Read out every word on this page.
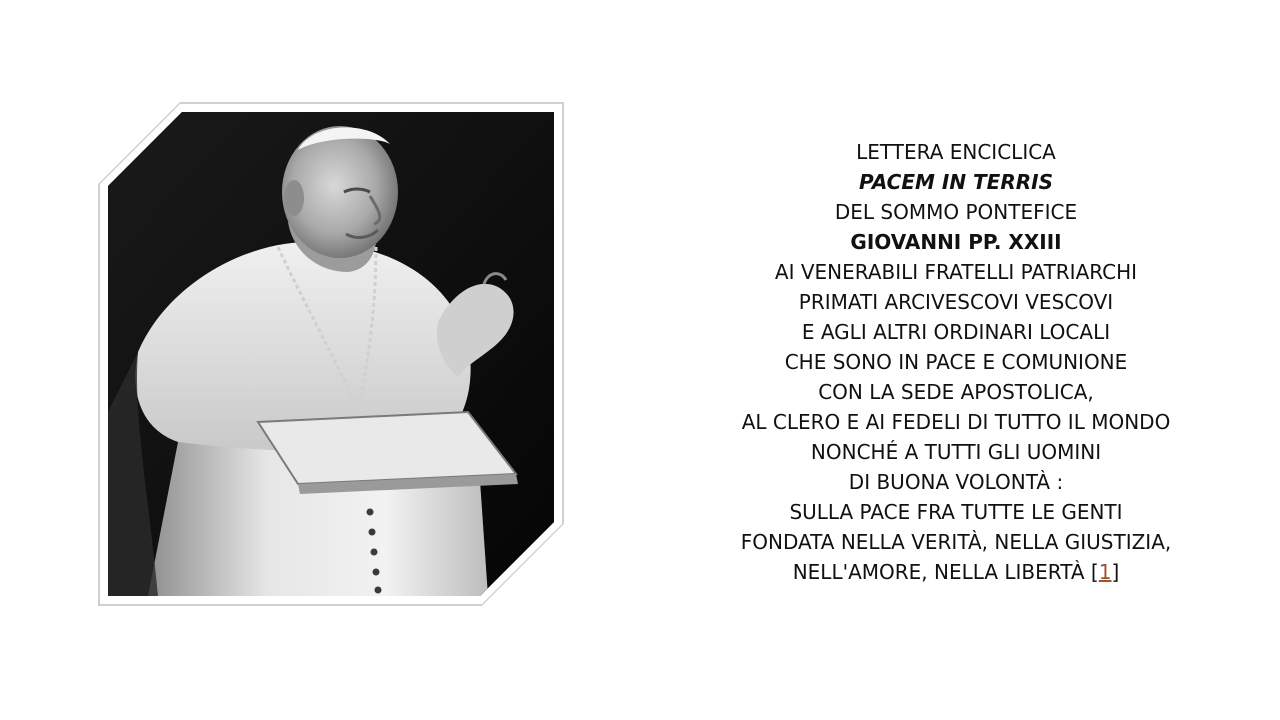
LETTERA ENCICLICA
PACEM IN TERRIS
DEL SOMMO PONTEFICE
GIOVANNI PP. XXIII
AI VENERABILI FRATELLI PATRIARCHI
PRIMATI ARCIVESCOVI VESCOVI
E AGLI ALTRI ORDINARI LOCALI
CHE SONO IN PACE E COMUNIONE
CON LA SEDE APOSTOLICA,
AL CLERO E AI FEDELI DI TUTTO IL MONDO
NONCHÉ A TUTTI GLI UOMINI
DI BUONA VOLONTÀ :
SULLA PACE FRA TUTTE LE GENTI
FONDATA NELLA VERITÀ, NELLA GIUSTIZIA,
NELL'AMORE, NELLA LIBERTÀ [1]
